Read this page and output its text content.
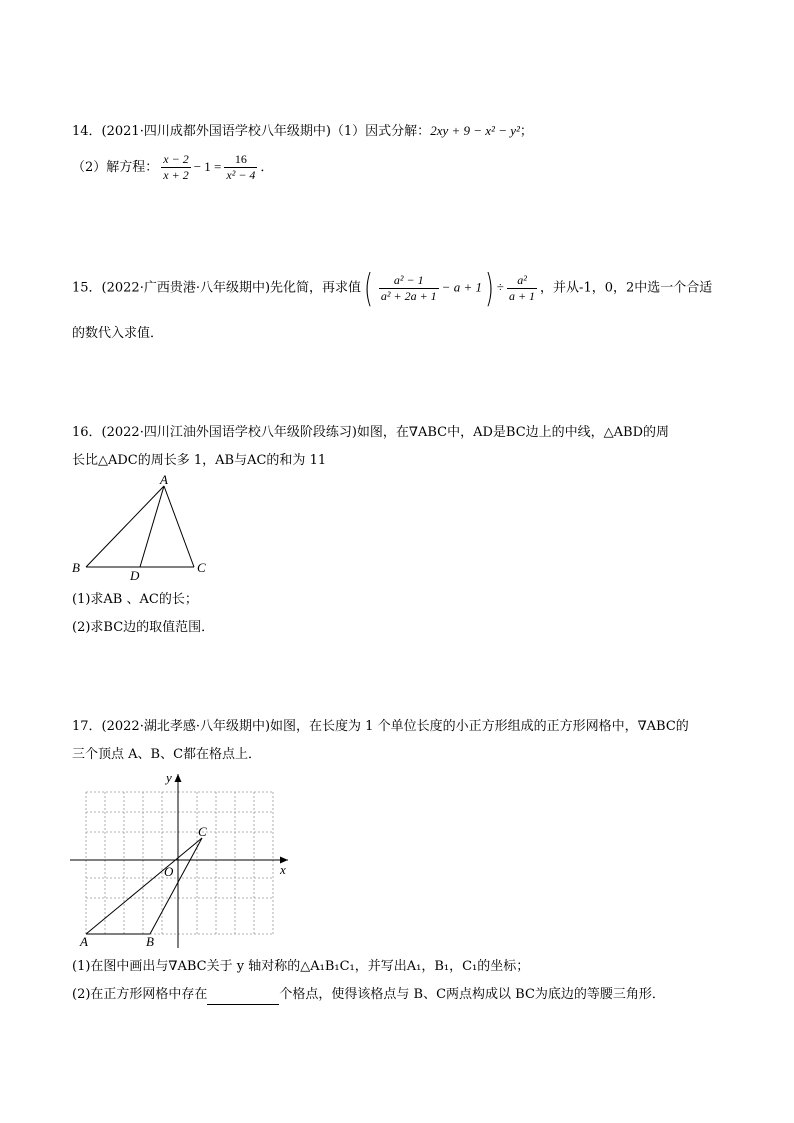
14．(2021·四川成都外国语学校八年级期中)（1）因式分解：2xy + 9 − x² − y²；
（2）解方程： $\frac{x - 2}{x + 2} - 1 = \frac{16}{\text{x² − 4}}$ ．
15．(2022·广西贵港·八年级期中)先化简，再求值( $\frac{\text{a² − 1}}{\text{a² + 2a + 1}} - a + 1) \div \frac{\text{a²}}{a + 1}$ ，并从-1，0，2中选一个合适
的数代入求值．
16．(2022·四川江油外国语学校八年级阶段练习)如图，在∇ABC中，AD是BC边上的中线，△ABD的周
长比△ADC的周长多 1，AB与AC的和为 11
A
B	C
D
(1)求AB 、AC的长；
(2)求BC边的取值范围．
17．(2022·湖北孝感·八年级期中)如图，在长度为 1 个单位长度的小正方形组成的正方形网格中，∇ABC的
三个顶点 A、B、C都在格点上．
C
O
A	B
x
y
(1)在图中画出与∇ABC关于 y 轴对称的△A₁B₁C₁，并写出A₁，B₁，C₁的坐标；
(2)在正方形网格中存在	个格点，使得该格点与 B、C两点构成以 BC为底边的等腰三角形．
